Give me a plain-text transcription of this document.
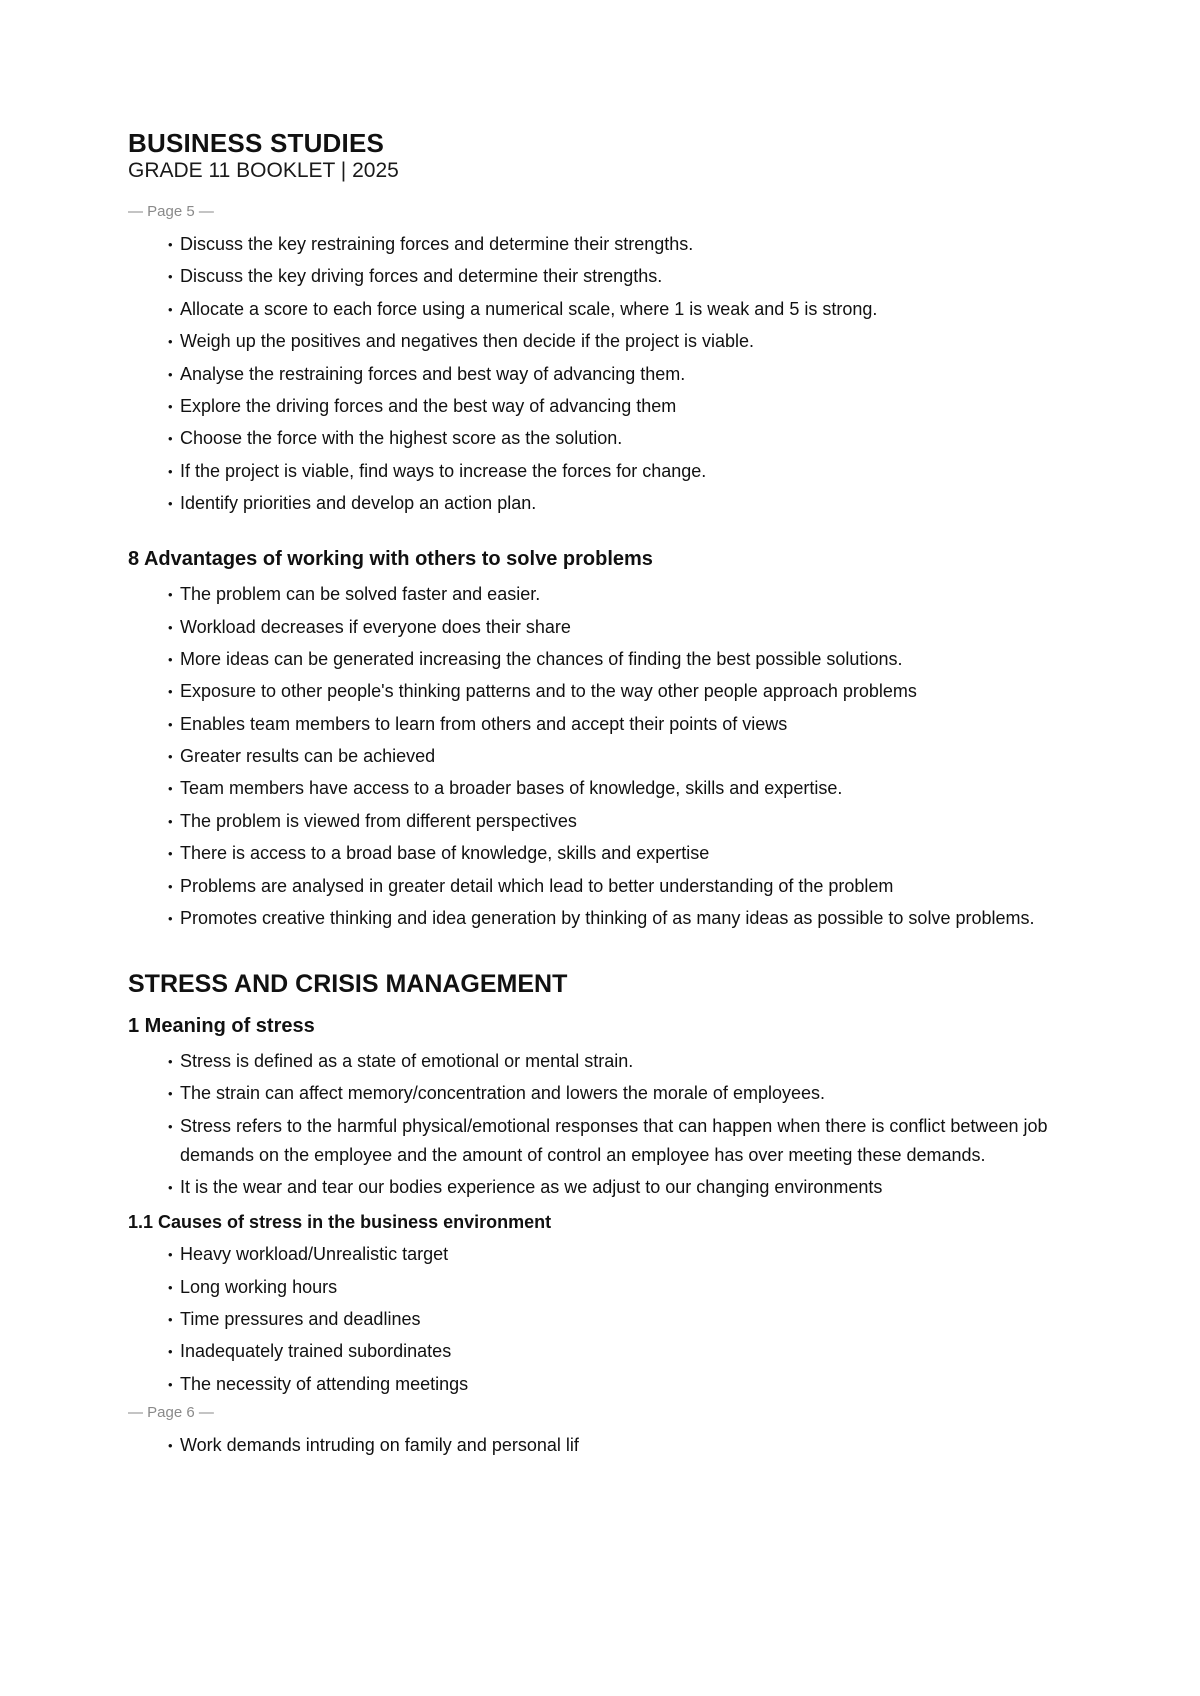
BUSINESS STUDIES
GRADE 11 BOOKLET | 2025
— Page 5 —
• Discuss the key restraining forces and determine their strengths.
• Discuss the key driving forces and determine their strengths.
• Allocate a score to each force using a numerical scale, where 1 is weak and 5 is strong.
• Weigh up the positives and negatives then decide if the project is viable.
• Analyse the restraining forces and best way of advancing them.
• Explore the driving forces and the best way of advancing them
• Choose the force with the highest score as the solution.
• If the project is viable, find ways to increase the forces for change.
• Identify priorities and develop an action plan.
8 Advantages of working with others to solve problems
• The problem can be solved faster and easier.
• Workload decreases if everyone does their share
• More ideas can be generated increasing the chances of finding the best possible solutions.
• Exposure to other people's thinking patterns and to the way other people approach problems
• Enables team members to learn from others and accept their points of views
• Greater results can be achieved
• Team members have access to a broader bases of knowledge, skills and expertise.
• The problem is viewed from different perspectives
• There is access to a broad base of knowledge, skills and expertise
• Problems are analysed in greater detail which lead to better understanding of the problem
• Promotes creative thinking and idea generation by thinking of as many ideas as possible to solve problems.
STRESS AND CRISIS MANAGEMENT
1 Meaning of stress
• Stress is defined as a state of emotional or mental strain.
• The strain can affect memory/concentration and lowers the morale of employees.
• Stress refers to the harmful physical/emotional responses that can happen when there is conflict between job demands on the employee and the amount of control an employee has over meeting these demands.
• It is the wear and tear our bodies experience as we adjust to our changing environments
1.1 Causes of stress in the business environment
• Heavy workload/Unrealistic target
• Long working hours
• Time pressures and deadlines
• Inadequately trained subordinates
• The necessity of attending meetings
— Page 6 —
• Work demands intruding on family and personal lif
